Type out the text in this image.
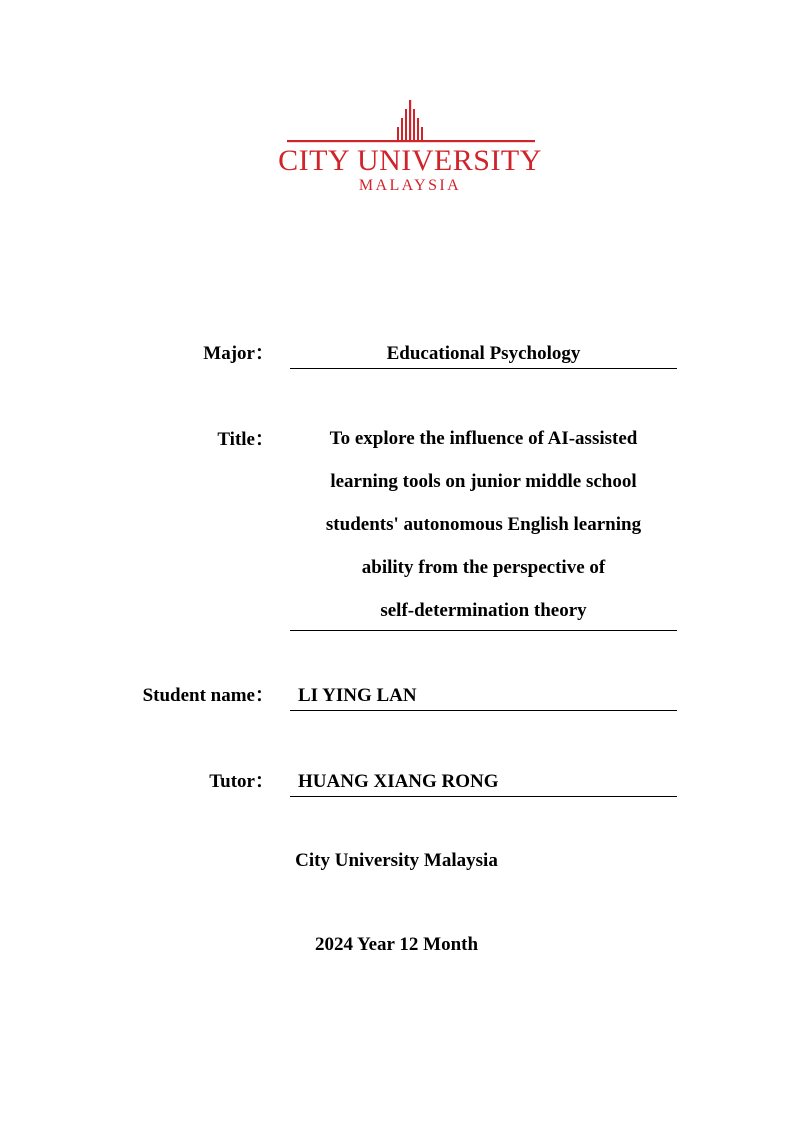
CITY UNIVERSITY
MALAYSIA
Major：	Educational Psychology
Title：	To explore the influence of AI-assisted
learning tools on junior middle school
students' autonomous English learning
ability from the perspective of
self-determination theory
Student name：	LI YING LAN
Tutor：	HUANG XIANG RONG
City University Malaysia
2024 Year 12 Month
